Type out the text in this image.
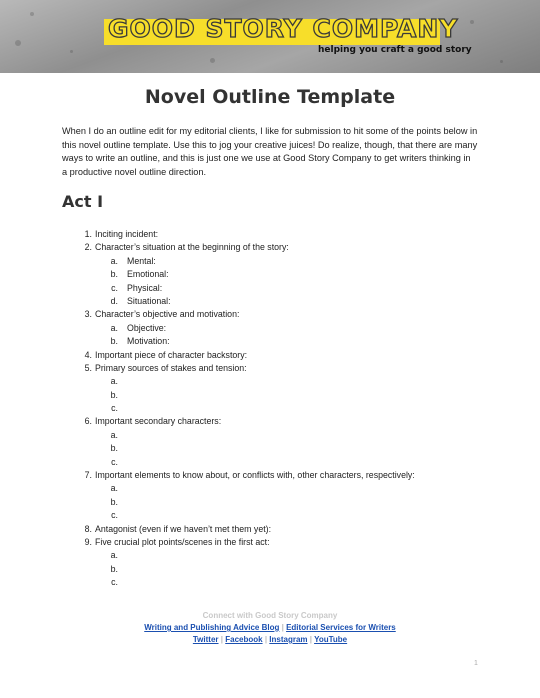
GOOD STORY COMPANY
helping you craft a good story
Novel Outline Template

When I do an outline edit for my editorial clients, I like for submission to hit some of the points below in this novel outline template. Use this to jog your creative juices! Do realize, though, that there are many ways to write an outline, and this is just one we use at Good Story Company to get writers thinking in a productive novel outline direction.

Act I
1. Inciting incident:
2. Character’s situation at the beginning of the story:
a. Mental:
b. Emotional:
c. Physical:
d. Situational:
3. Character’s objective and motivation:
a. Objective:
b. Motivation:
4. Important piece of character backstory:
5. Primary sources of stakes and tension:
a.
b.
c.
6. Important secondary characters:
a.
b.
c.
7. Important elements to know about, or conflicts with, other characters, respectively:
a.
b.
c.
8. Antagonist (even if we haven’t met them yet):
9. Five crucial plot points/scenes in the first act:
a.
b.
c.
Connect with Good Story Company
Writing and Publishing Advice Blog | Editorial Services for Writers
Twitter | Facebook | Instagram | YouTube
1
